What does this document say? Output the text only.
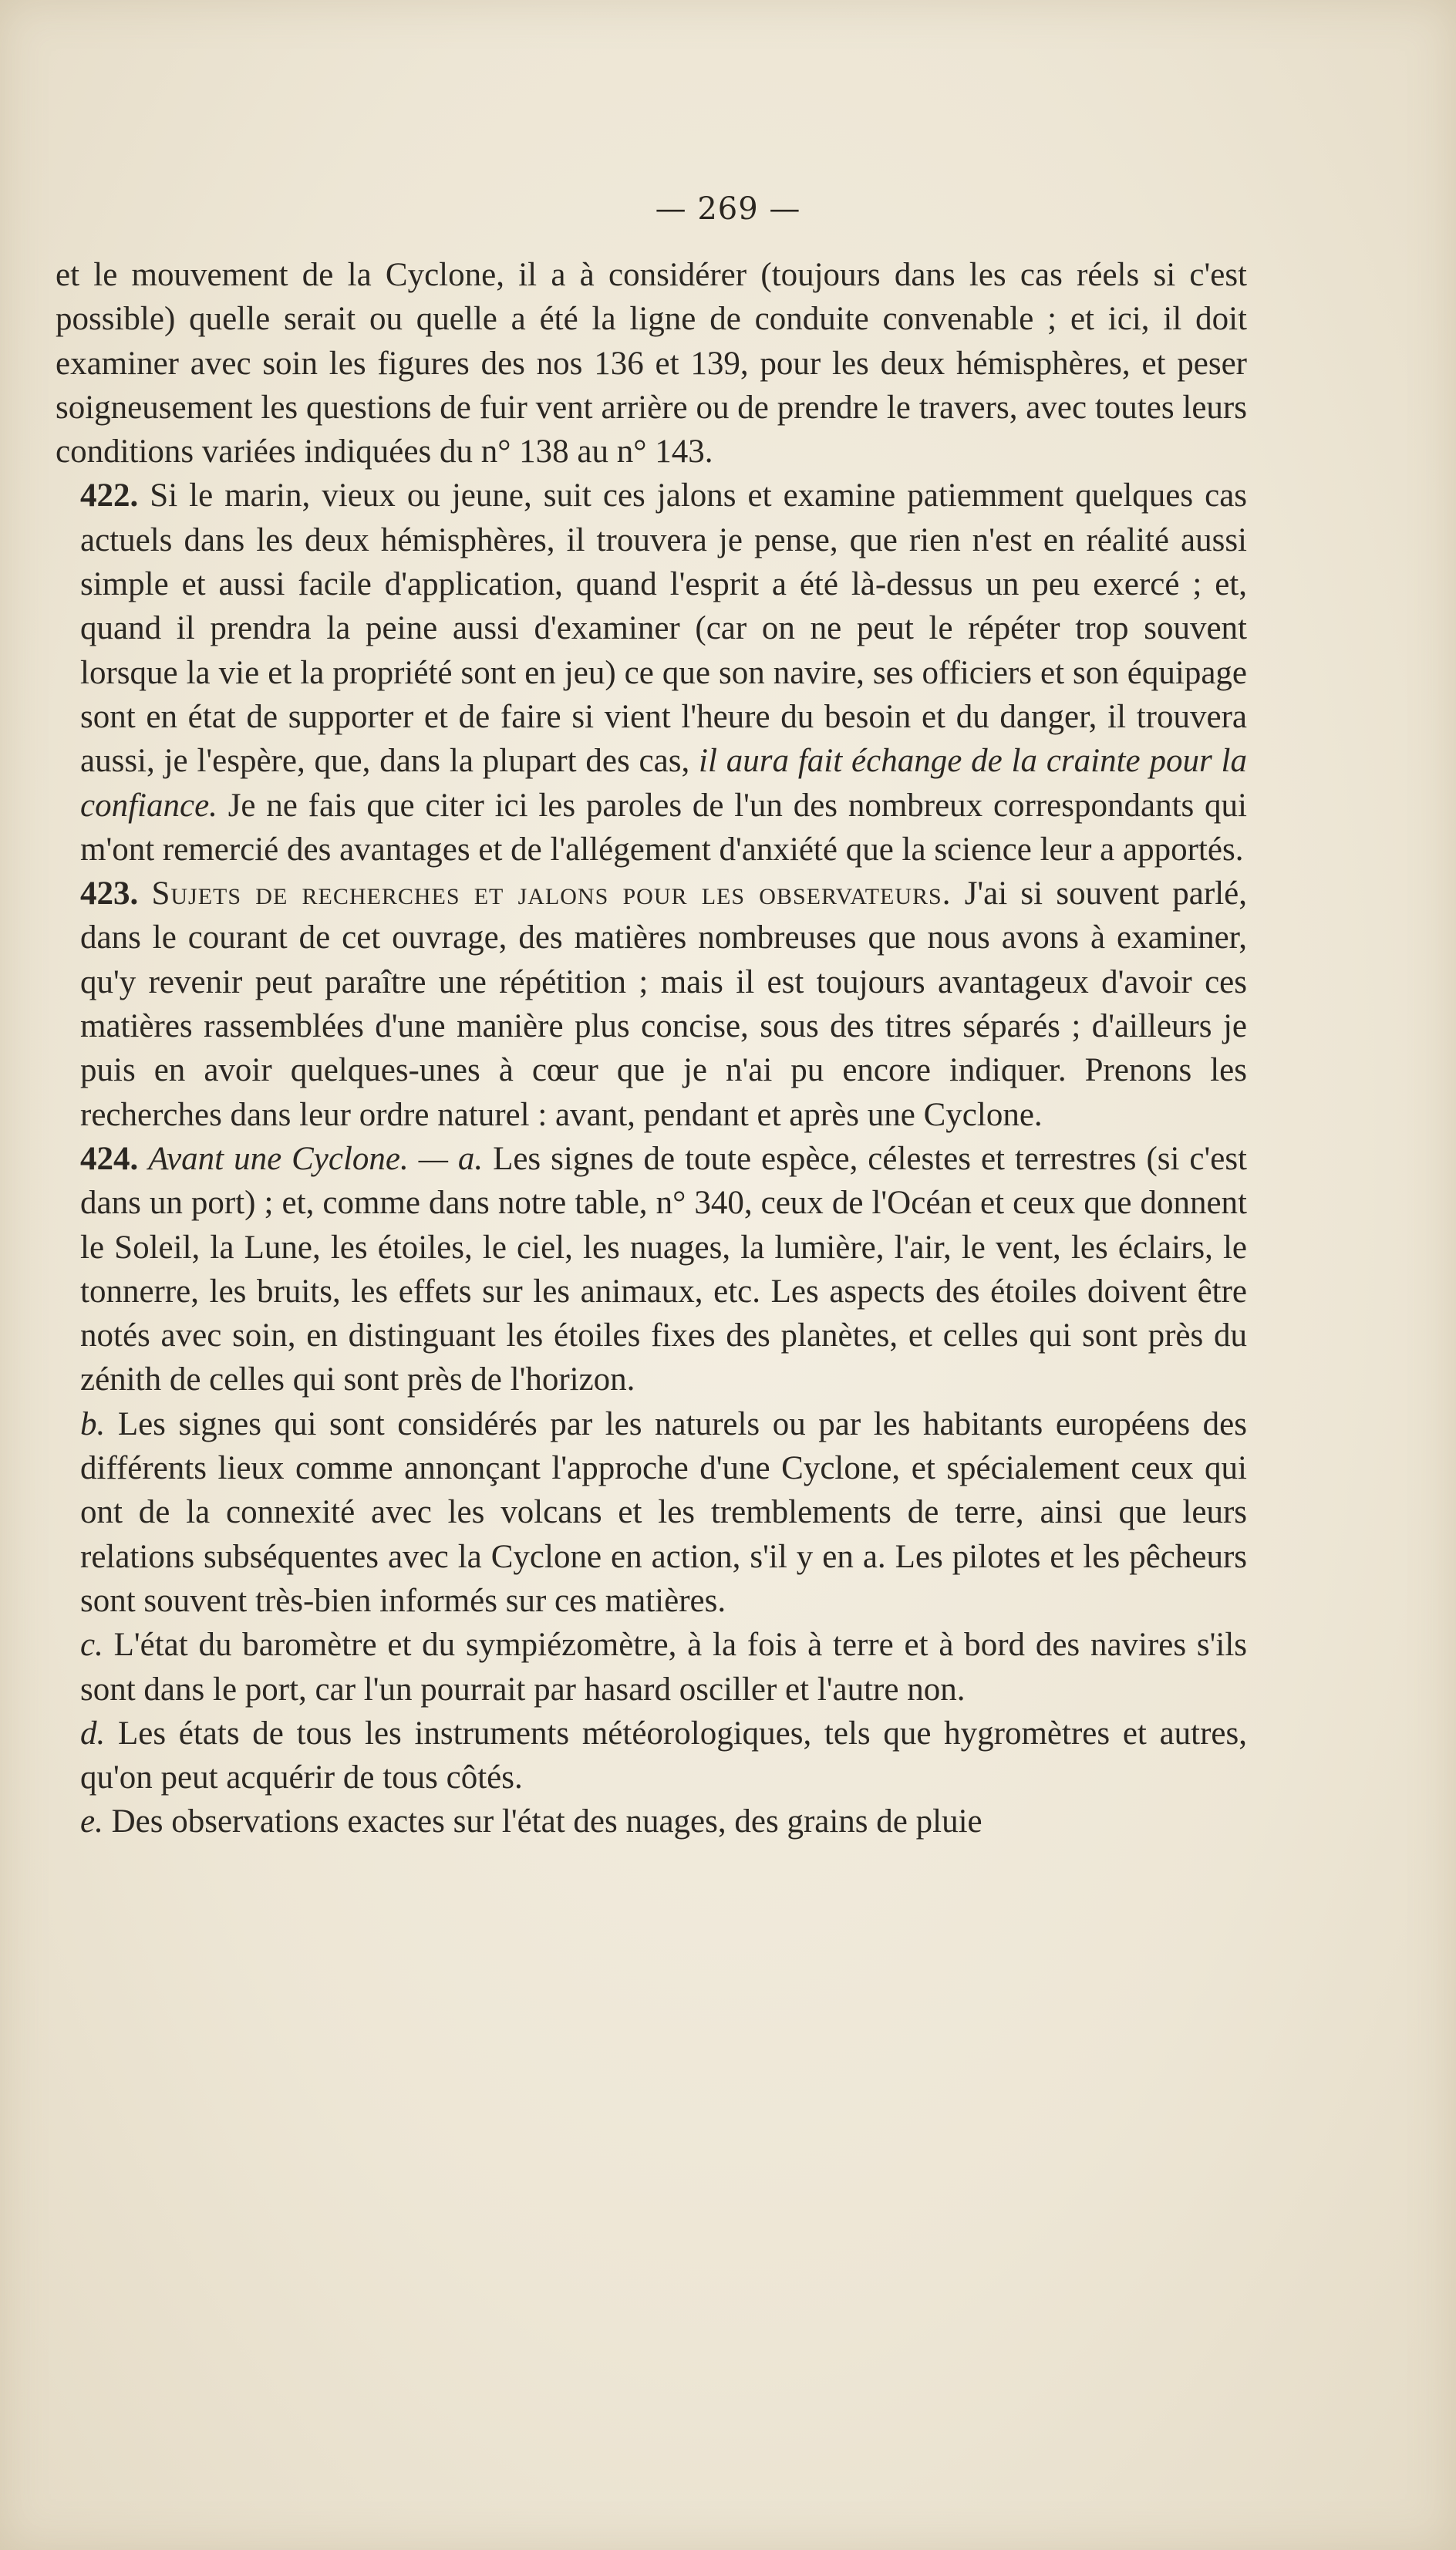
— 269 —

et le mouvement de la Cyclone, il a à considérer (toujours dans les cas réels si c'est possible) quelle serait ou quelle a été la ligne de conduite convenable ; et ici, il doit examiner avec soin les figures des nos 136 et 139, pour les deux hémisphères, et peser soigneusement les questions de fuir vent arrière ou de prendre le travers, avec toutes leurs conditions variées indiquées du n° 138 au n° 143.

422. Si le marin, vieux ou jeune, suit ces jalons et examine patiemment quelques cas actuels dans les deux hémisphères, il trouvera je pense, que rien n'est en réalité aussi simple et aussi facile d'application, quand l'esprit a été là-dessus un peu exercé ; et, quand il prendra la peine aussi d'examiner (car on ne peut le répéter trop souvent lorsque la vie et la propriété sont en jeu) ce que son navire, ses officiers et son équipage sont en état de supporter et de faire si vient l'heure du besoin et du danger, il trouvera aussi, je l'espère, que, dans la plupart des cas, il aura fait échange de la crainte pour la confiance. Je ne fais que citer ici les paroles de l'un des nombreux correspondants qui m'ont remercié des avantages et de l'allégement d'anxiété que la science leur a apportés.

423. Sujets de recherches et jalons pour les observateurs. J'ai si souvent parlé, dans le courant de cet ouvrage, des matières nombreuses que nous avons à examiner, qu'y revenir peut paraître une répétition ; mais il est toujours avantageux d'avoir ces matières rassemblées d'une manière plus concise, sous des titres séparés ; d'ailleurs je puis en avoir quelques-unes à cœur que je n'ai pu encore indiquer. Prenons les recherches dans leur ordre naturel : avant, pendant et après une Cyclone.

424. Avant une Cyclone. — a. Les signes de toute espèce, célestes et terrestres (si c'est dans un port) ; et, comme dans notre table, n° 340, ceux de l'Océan et ceux que donnent le Soleil, la Lune, les étoiles, le ciel, les nuages, la lumière, l'air, le vent, les éclairs, le tonnerre, les bruits, les effets sur les animaux, etc. Les aspects des étoiles doivent être notés avec soin, en distinguant les étoiles fixes des planètes, et celles qui sont près du zénith de celles qui sont près de l'horizon.

b. Les signes qui sont considérés par les naturels ou par les habitants européens des différents lieux comme annonçant l'approche d'une Cyclone, et spécialement ceux qui ont de la connexité avec les volcans et les tremblements de terre, ainsi que leurs relations subséquentes avec la Cyclone en action, s'il y en a. Les pilotes et les pêcheurs sont souvent très-bien informés sur ces matières.

c. L'état du baromètre et du sympiézomètre, à la fois à terre et à bord des navires s'ils sont dans le port, car l'un pourrait par hasard osciller et l'autre non.

d. Les états de tous les instruments météorologiques, tels que hygromètres et autres, qu'on peut acquérir de tous côtés.

e. Des observations exactes sur l'état des nuages, des grains de pluie
